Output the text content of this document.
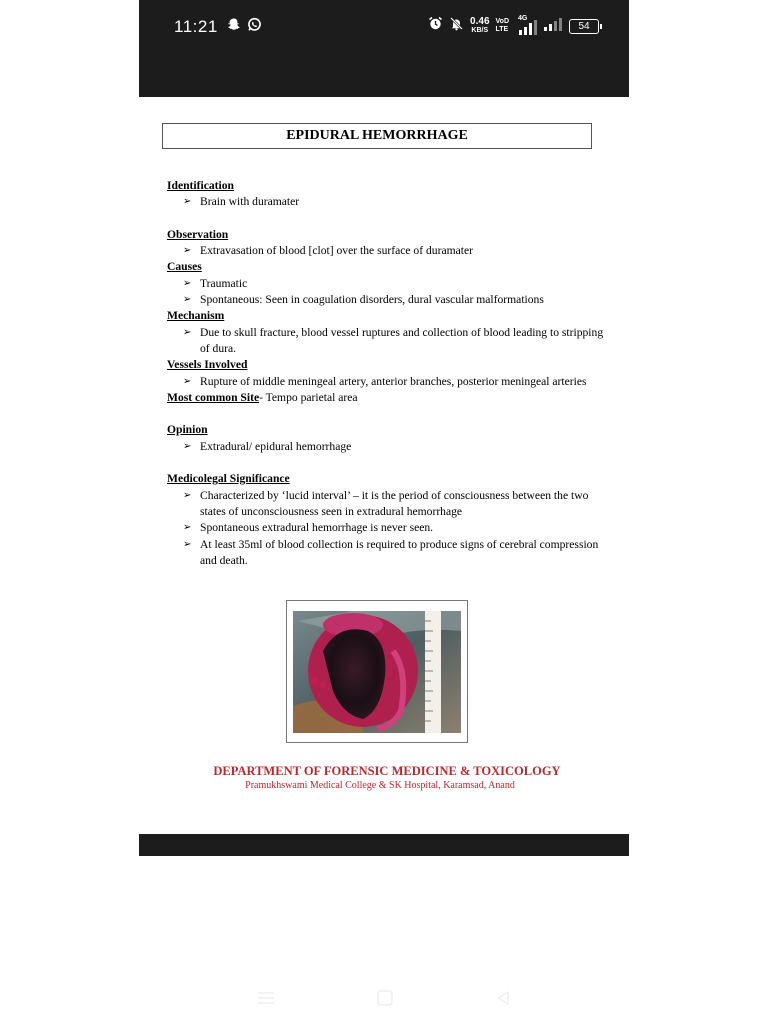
11:21	0.46
KB/S
VoD
LTE
4G
54
EPIDURAL HEMORRHAGE
Identification
➢ Brain with duramater
Observation
➢ Extravasation of blood [clot] over the surface of duramater
Causes
➢ Traumatic
➢ Spontaneous: Seen in coagulation disorders, dural vascular malformations
Mechanism
➢ Due to skull fracture, blood vessel ruptures and collection of blood leading to stripping of dura.
Vessels Involved
➢ Rupture of middle meningeal artery, anterior branches, posterior meningeal arteries
Most common Site- Tempo parietal area
Opinion
➢ Extradural/ epidural hemorrhage
Medicolegal Significance
➢ Characterized by ‘lucid interval’ – it is the period of consciousness between the two states of unconsciousness seen in extradural hemorrhage
➢ Spontaneous extradural hemorrhage is never seen.
➢ At least 35ml of blood collection is required to produce signs of cerebral compression and death.
DEPARTMENT OF FORENSIC MEDICINE & TOXICOLOGY
Pramukhswami Medical College & SK Hospital, Karamsad, Anand
